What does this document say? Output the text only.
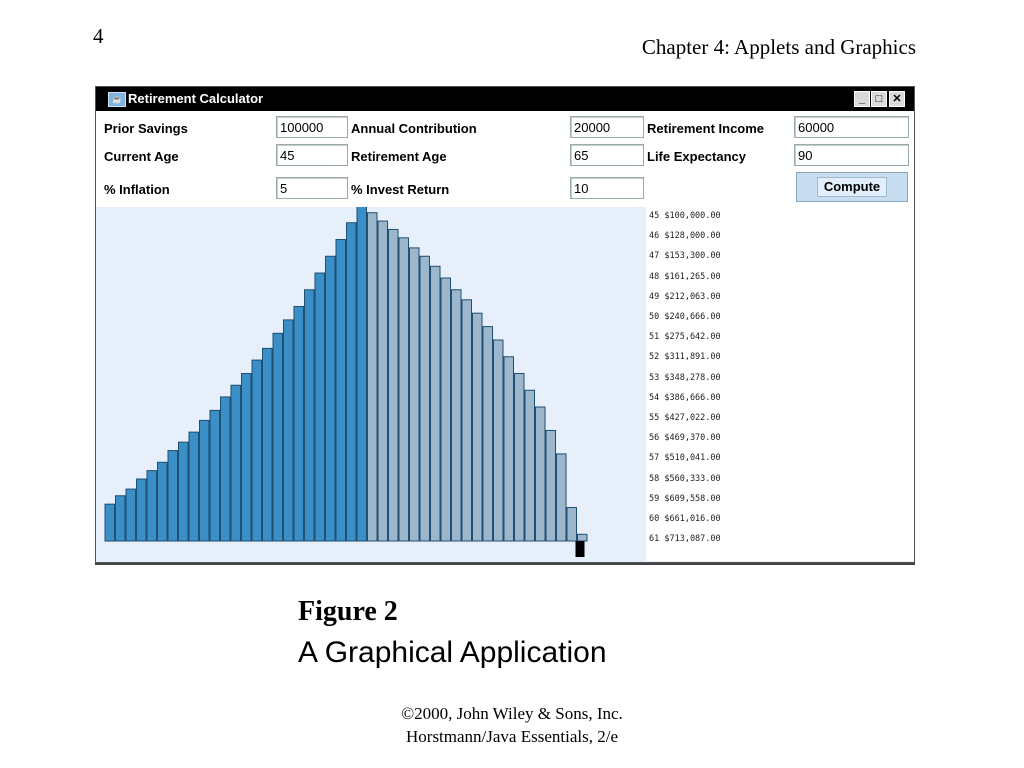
4	Chapter 4: Applets and Graphics
☕ Retirement Calculator	_ □ ✕
Prior Savings	100000	Annual Contribution	20000	Retirement Income	60000
Current Age	45	Retirement Age	65	Life Expectancy	90
% Inflation	5	% Invest Return	10	Compute
45 $100,000.00
46 $128,000.00
47 $153,300.00
48 $161,265.00
49 $212,063.00
50 $240,666.00
51 $275,642.00
52 $311,891.00
53 $348,278.00
54 $386,666.00
55 $427,022.00
56 $469,370.00
57 $510,041.00
58 $560,333.00
59 $609,558.00
60 $661,016.00
61 $713,087.00
Figure 2
A Graphical Application
©2000, John Wiley & Sons, Inc.
Horstmann/Java Essentials, 2/e
